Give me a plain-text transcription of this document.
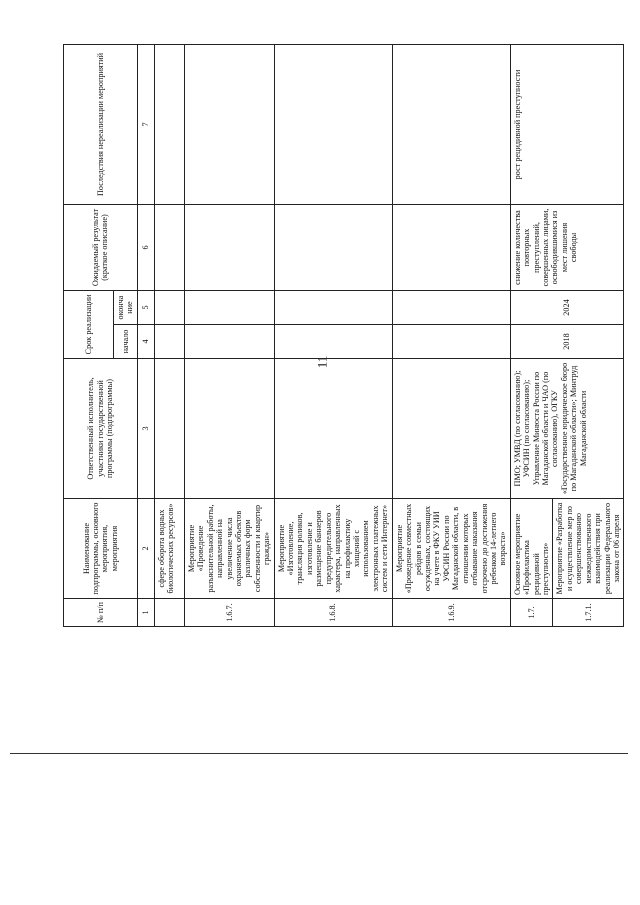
11
№ п/п	Наименование подпрограммы, основного мероприятия, мероприятия	Ответственный исполнитель, участники государственной программы (подпрограммы)	Срок реализации		Ожидаемый результат (краткое описание)	Последствия нереализации мероприятий
			начало	окончание		
1	2	3	4	5	6	7
	сфере оборота водных биологических ресурсов»					
1.6.7.	Мероприятие «Проведение разъяснительной работы, направленной на увеличение числа охраняемых объектов различных форм собственности и квартир граждан»					
1.6.8.	Мероприятие «Изготовление, трансляция роликов, изготовление и размещение баннеров предупредительного характера, направленных на профилактику хищений с использованием электронных платежных систем и сети Интернет»					
1.6.9.	Мероприятие «Проведение совместных рейдов в семьи осужденных, состоящих на учете в ФКУ УИИ УФСИН России по Магаданской области, в отношении которых отбывание наказания отсрочено до достижения ребенком 14-летнего возраста»					
1.7.	Основное мероприятие «Профилактика рецидивной преступности»	ПМО; УМВД (по согласованию); УФСИН (по согласованию); Управление Минюста России по Магаданской области и ЧАО (по согласованию), ОГКУ «Государственное юридическое бюро по Магаданской области»; Минтруд Магаданской области	2018	2024	снижение количества повторных преступлений, совершенных лицами, освободившимися из мест лишения свободы	рост рецидивной преступности
1.7.1.	Мероприятие «Разработка и осуществление мер по совершенствованию межведомственного взаимодействия при реализации Федерального закона от 06 апреля					
